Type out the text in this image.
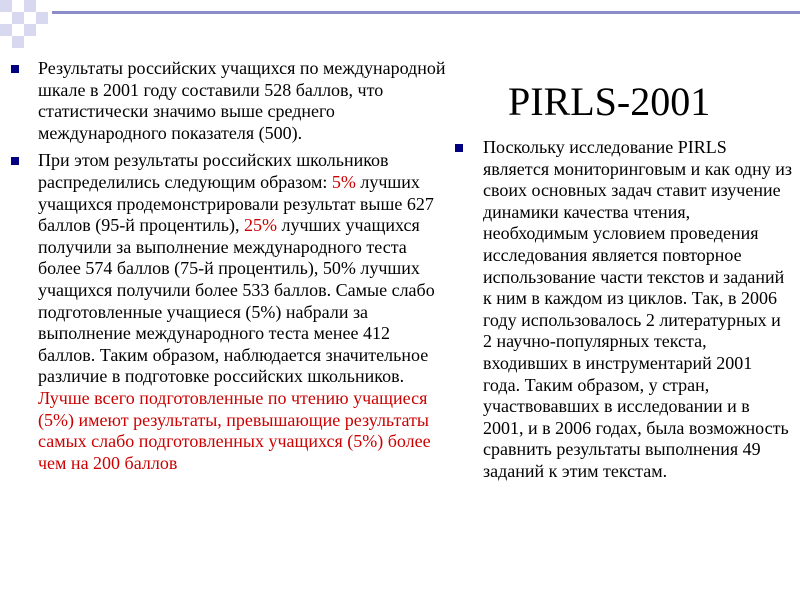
PIRLS-2001
Результаты российских учащихся по международной шкале в 2001 году составили 528 баллов, что статистически значимо выше среднего международного показателя (500).
При этом результаты российских школьников распределились следующим образом: 5% лучших учащихся продемонстрировали результат выше 627 баллов (95-й процентиль), 25% лучших учащихся получили за выполнение международного теста более 574 баллов (75-й процентиль), 50% лучших учащихся получили более 533 баллов. Самые слабо подготовленные учащиеся (5%) набрали за выполнение международного теста менее 412 баллов. Таким образом, наблюдается значительное различие в подготовке российских школьников. Лучше всего подготовленные по чтению учащиеся (5%) имеют результаты, превышающие результаты самых слабо подготовленных учащихся (5%) более чем на 200 баллов
Поскольку исследование PIRLS является мониторинговым и как одну из своих основных задач ставит изучение динамики качества чтения, необходимым условием проведения исследования является повторное использование части текстов и заданий к ним в каждом из циклов. Так, в 2006 году использовалось 2 литературных и 2 научно-популярных текста, входивших в инструментарий 2001 года. Таким образом, у стран, участвовавших в исследовании и в 2001, и в 2006 годах, была возможность сравнить результаты выполнения 49 заданий к этим текстам.
